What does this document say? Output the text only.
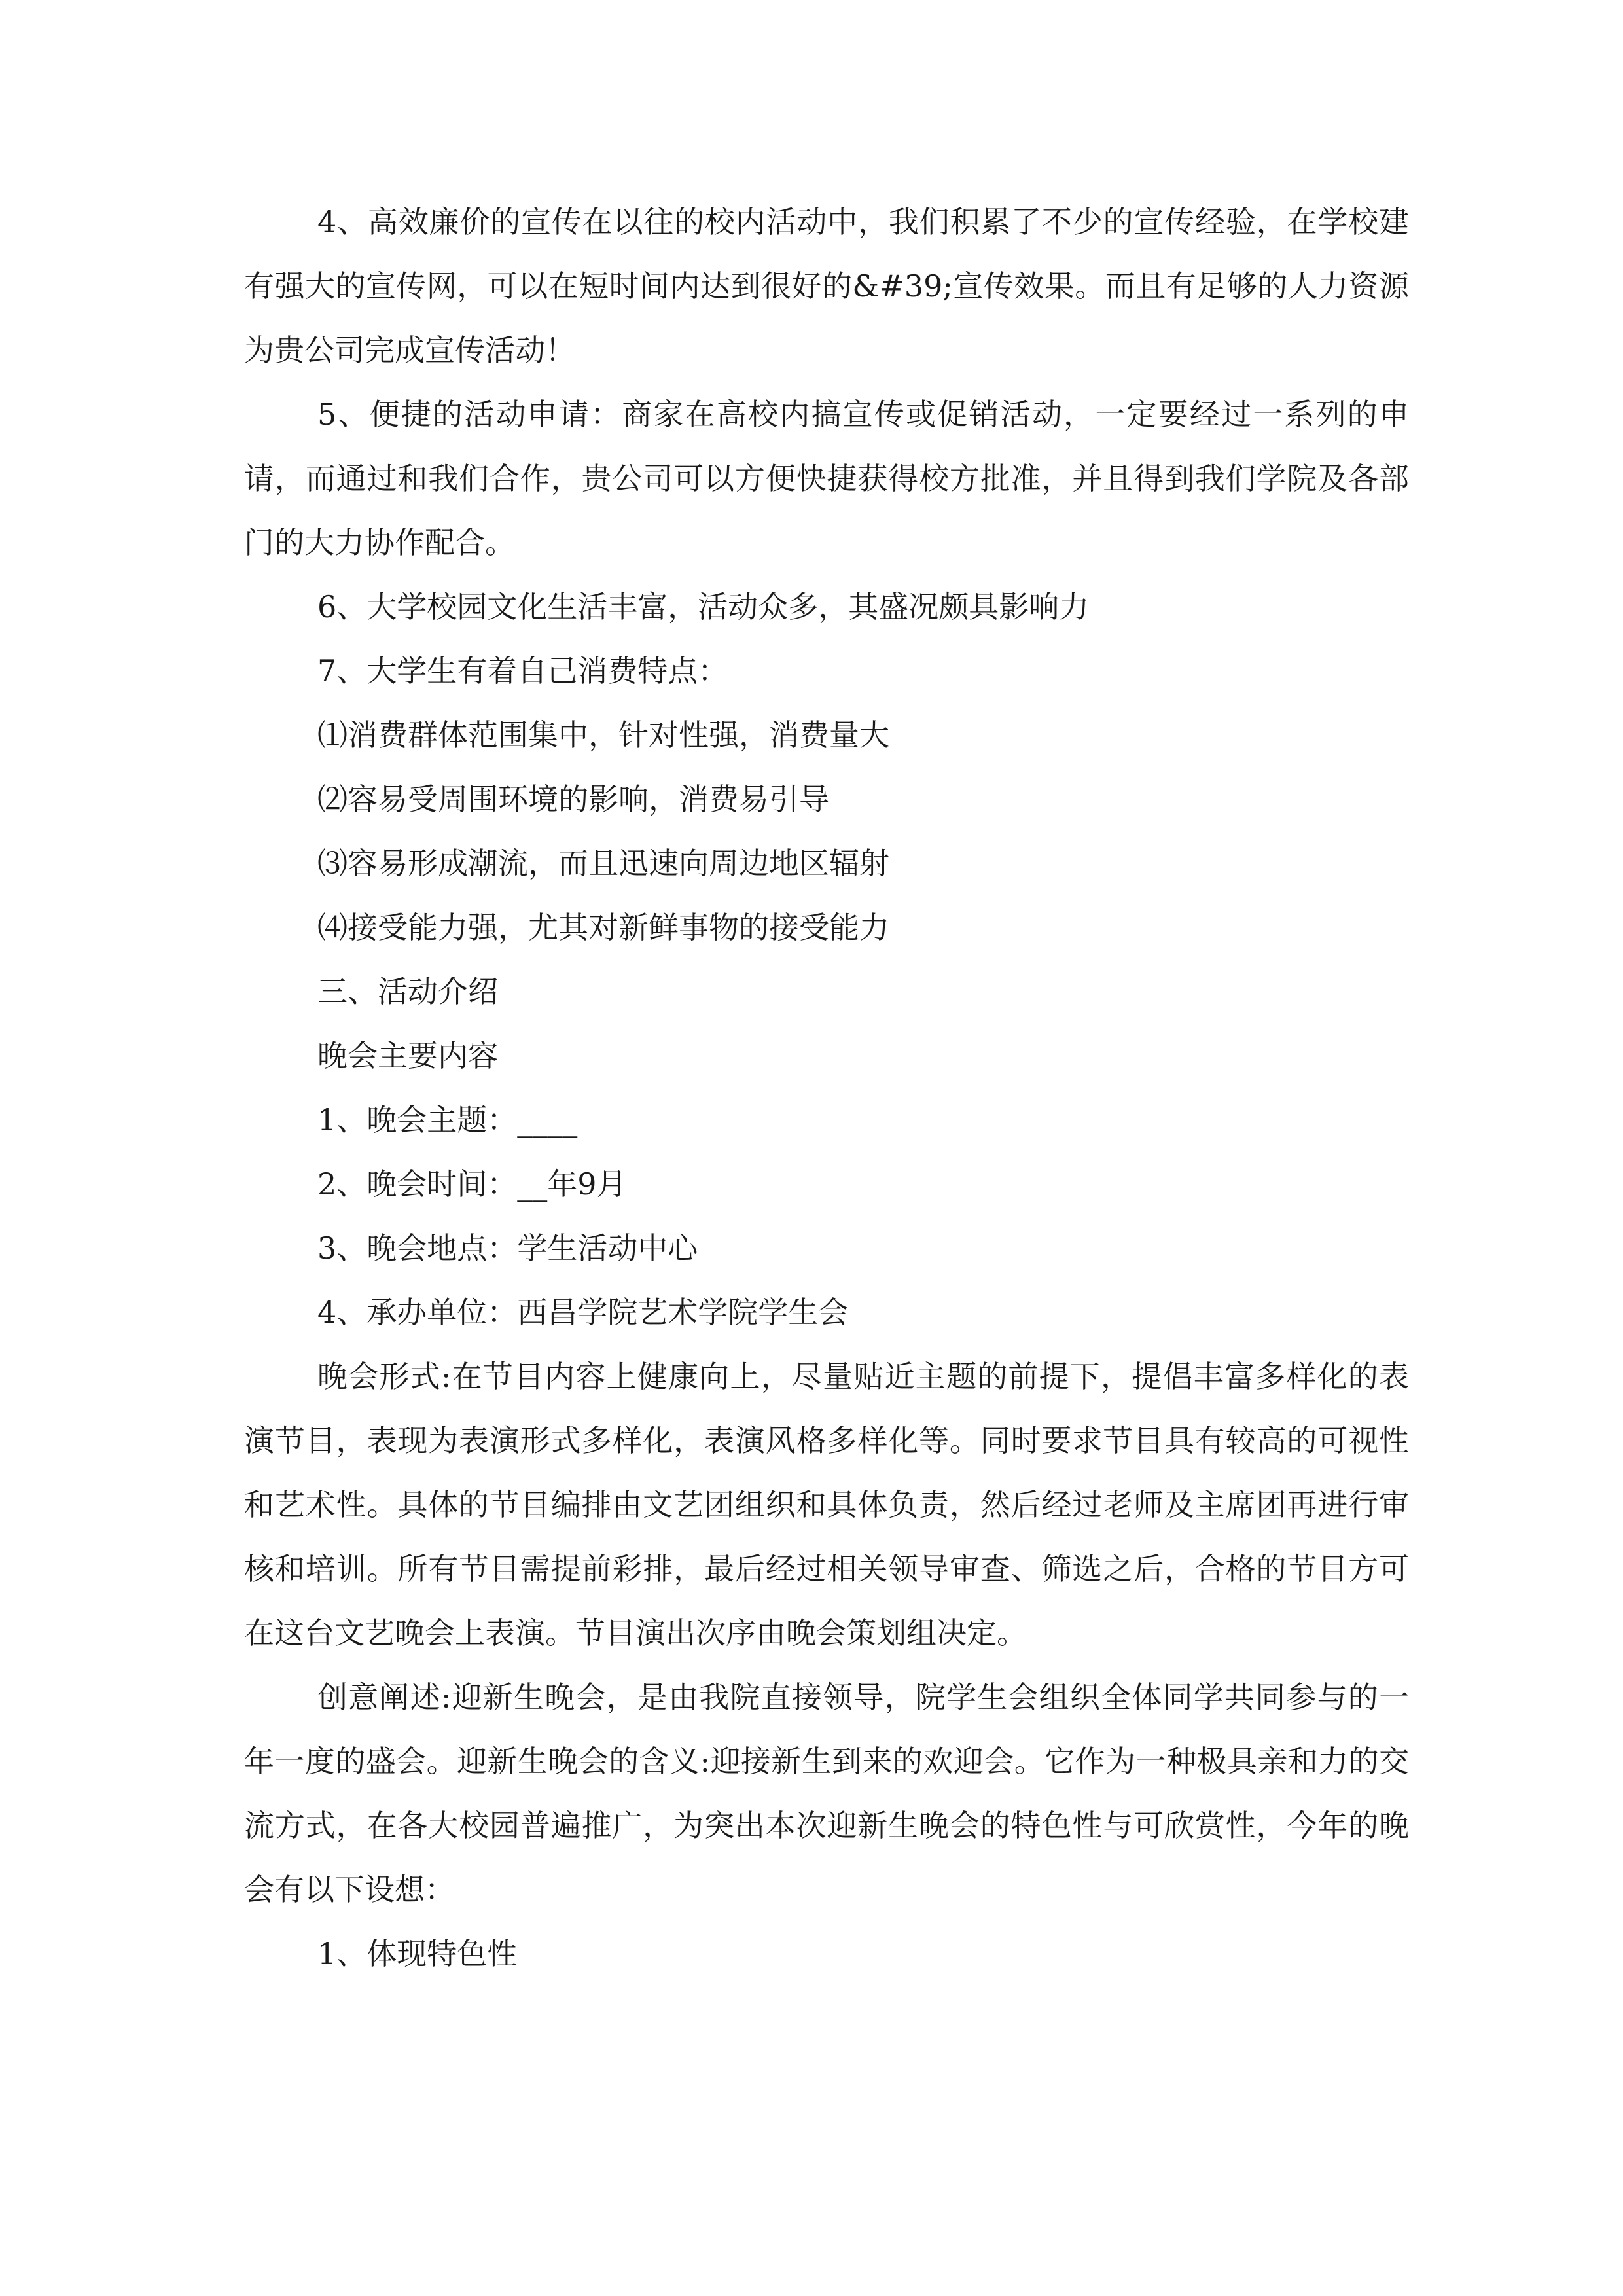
4、高效廉价的宣传在以往的校内活动中，我们积累了不少的宣传经验，在学校建有强大的宣传网，可以在短时间内达到很好的&#39;宣传效果。而且有足够的人力资源为贵公司完成宣传活动！

5、便捷的活动申请：商家在高校内搞宣传或促销活动，一定要经过一系列的申请，而通过和我们合作，贵公司可以方便快捷获得校方批准，并且得到我们学院及各部门的大力协作配合。

6、大学校园文化生活丰富，活动众多，其盛况颇具影响力

7、大学生有着自己消费特点：

⑴消费群体范围集中，针对性强，消费量大

⑵容易受周围环境的影响，消费易引导

⑶容易形成潮流，而且迅速向周边地区辐射

⑷接受能力强，尤其对新鲜事物的接受能力

三、活动介绍

晚会主要内容

1、晚会主题：____

2、晚会时间：__年9月

3、晚会地点：学生活动中心

4、承办单位：西昌学院艺术学院学生会

晚会形式:在节目内容上健康向上，尽量贴近主题的前提下，提倡丰富多样化的表演节目，表现为表演形式多样化，表演风格多样化等。同时要求节目具有较高的可视性和艺术性。具体的节目编排由文艺团组织和具体负责，然后经过老师及主席团再进行审核和培训。所有节目需提前彩排，最后经过相关领导审查、筛选之后，合格的节目方可在这台文艺晚会上表演。节目演出次序由晚会策划组决定。

创意阐述:迎新生晚会，是由我院直接领导，院学生会组织全体同学共同参与的一年一度的盛会。迎新生晚会的含义:迎接新生到来的欢迎会。它作为一种极具亲和力的交流方式，在各大校园普遍推广，为突出本次迎新生晚会的特色性与可欣赏性，今年的晚会有以下设想：

1、体现特色性
